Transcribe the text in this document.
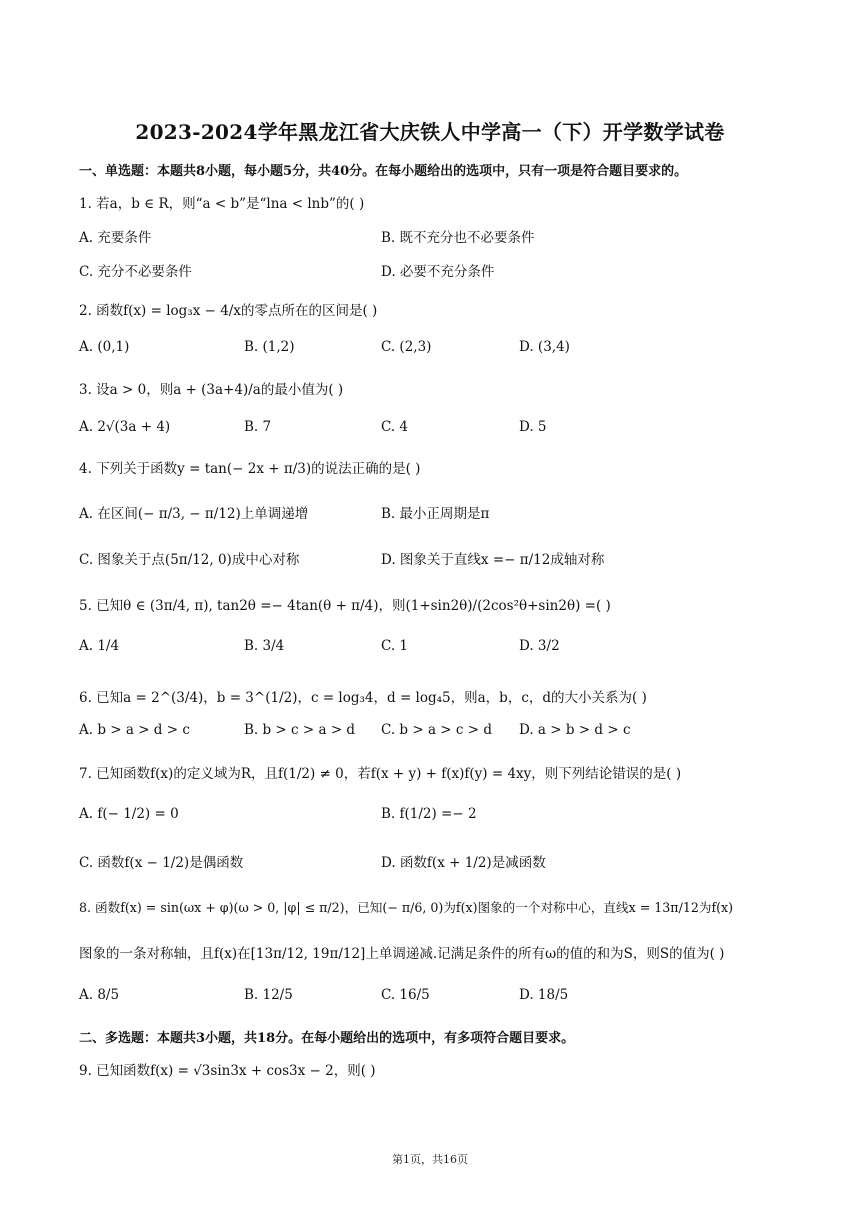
2023-2024学年黑龙江省大庆铁人中学高一（下）开学数学试卷
一、单选题：本题共8小题，每小题5分，共40分。在每小题给出的选项中，只有一项是符合题目要求的。
1. 若a，b ∈ R，则“a < b”是“lna < lnb”的( )
A. 充要条件	B. 既不充分也不必要条件
C. 充分不必要条件	D. 必要不充分条件
2. 函数f(x) = log₃x − 4/x的零点所在的区间是( )
A. (0,1)	B. (1,2)	C. (2,3)	D. (3,4)
3. 设a > 0，则a + (3a+4)/a的最小值为( )
A. 2√(3a + 4)	B. 7	C. 4	D. 5
4. 下列关于函数y = tan(− 2x + π/3)的说法正确的是( )
A. 在区间(− π/3, − π/12)上单调递增	B. 最小正周期是π
C. 图象关于点(5π/12, 0)成中心对称	D. 图象关于直线x =− π/12成轴对称
5. 已知θ ∈ (3π/4, π), tan2θ =− 4tan(θ + π/4)，则(1+sin2θ)/(2cos²θ+sin2θ) =( )
A. 1/4	B. 3/4	C. 1	D. 3/2
6. 已知a = 2^(3/4)，b = 3^(1/2)，c = log₃4，d = log₄5，则a，b，c，d的大小关系为( )
A. b > a > d > c	B. b > c > a > d C. b > a > c > d D. a > b > d > c
7. 已知函数f(x)的定义域为R，且f(1/2) ≠ 0，若f(x + y) + f(x)f(y) = 4xy，则下列结论错误的是( )
A. f(− 1/2) = 0	B. f(1/2) =− 2
C. 函数f(x − 1/2)是偶函数	D. 函数f(x + 1/2)是减函数
8. 函数f(x) = sin(ωx + φ)(ω > 0, |φ| ≤ π/2)，已知(− π/6, 0)为f(x)图象的一个对称中心，直线x = 13π/12为f(x)
图象的一条对称轴，且f(x)在[13π/12, 19π/12]上单调递减.记满足条件的所有ω的值的和为S，则S的值为( )
A. 8/5	B. 12/5	C. 16/5	D. 18/5
二、多选题：本题共3小题，共18分。在每小题给出的选项中，有多项符合题目要求。
9. 已知函数f(x) = √3sin3x + cos3x − 2，则( )
第1页，共16页
